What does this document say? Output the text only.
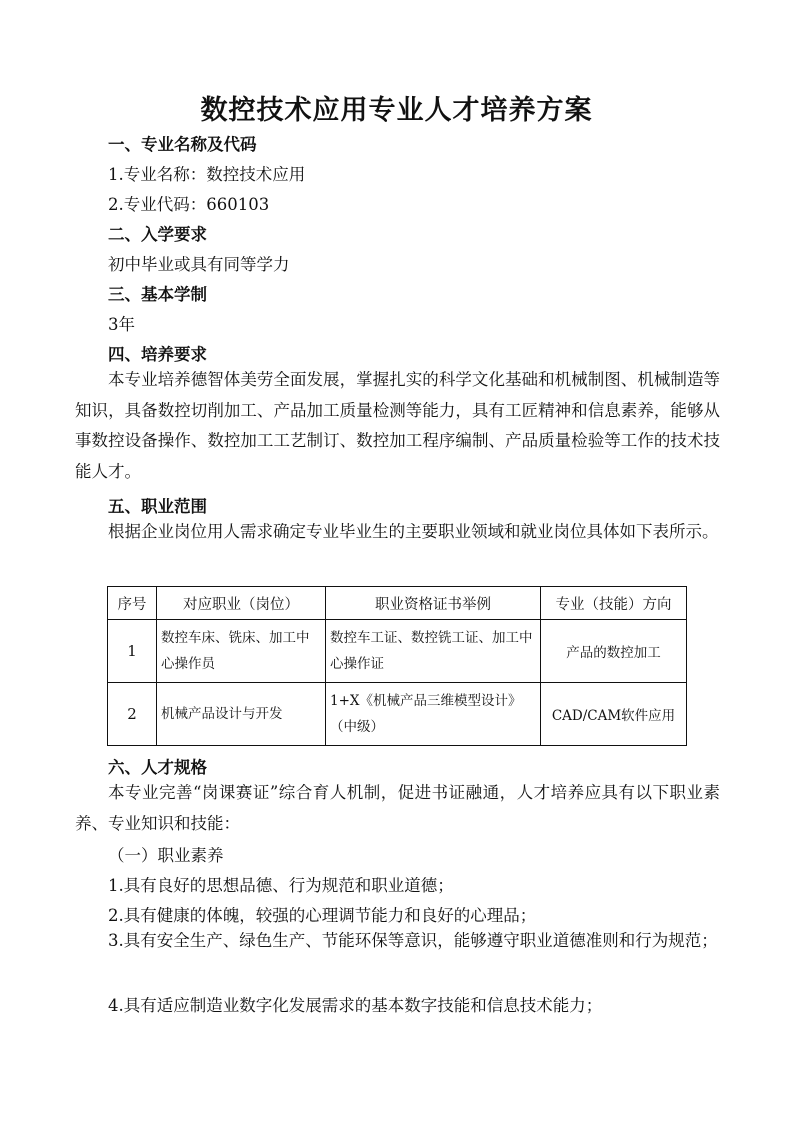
数控技术应用专业人才培养方案
一、专业名称及代码
1.专业名称：数控技术应用
2.专业代码：660103
二、入学要求
初中毕业或具有同等学力
三、基本学制
3年
四、培养要求

本专业培养德智体美劳全面发展，掌握扎实的科学文化基础和机械制图、机械制造等知识，具备数控切削加工、产品加工质量检测等能力，具有工匠精神和信息素养，能够从事数控设备操作、数控加工工艺制订、数控加工程序编制、产品质量检验等工作的技术技能人才。

五、职业范围

根据企业岗位用人需求确定专业毕业生的主要职业领域和就业岗位具体如下表所示。

序号	对应职业（岗位）	职业资格证书举例	专业（技能）方向
1	数控车床、铣床、加工中心操作员	数控车工证、数控铣工证、加工中心操作证	产品的数控加工
2	机械产品设计与开发	1+X《机械产品三维模型设计》（中级）	CAD/CAM软件应用
六、人才规格

本专业完善“岗课赛证”综合育人机制，促进书证融通，人才培养应具有以下职业素养、专业知识和技能：

（一）职业素养
1.具有良好的思想品德、行为规范和职业道德；
2.具有健康的体魄，较强的心理调节能力和良好的心理品；

3.具有安全生产、绿色生产、节能环保等意识，能够遵守职业道德准则和行为规范；

4.具有适应制造业数字化发展需求的基本数字技能和信息技术能力；
